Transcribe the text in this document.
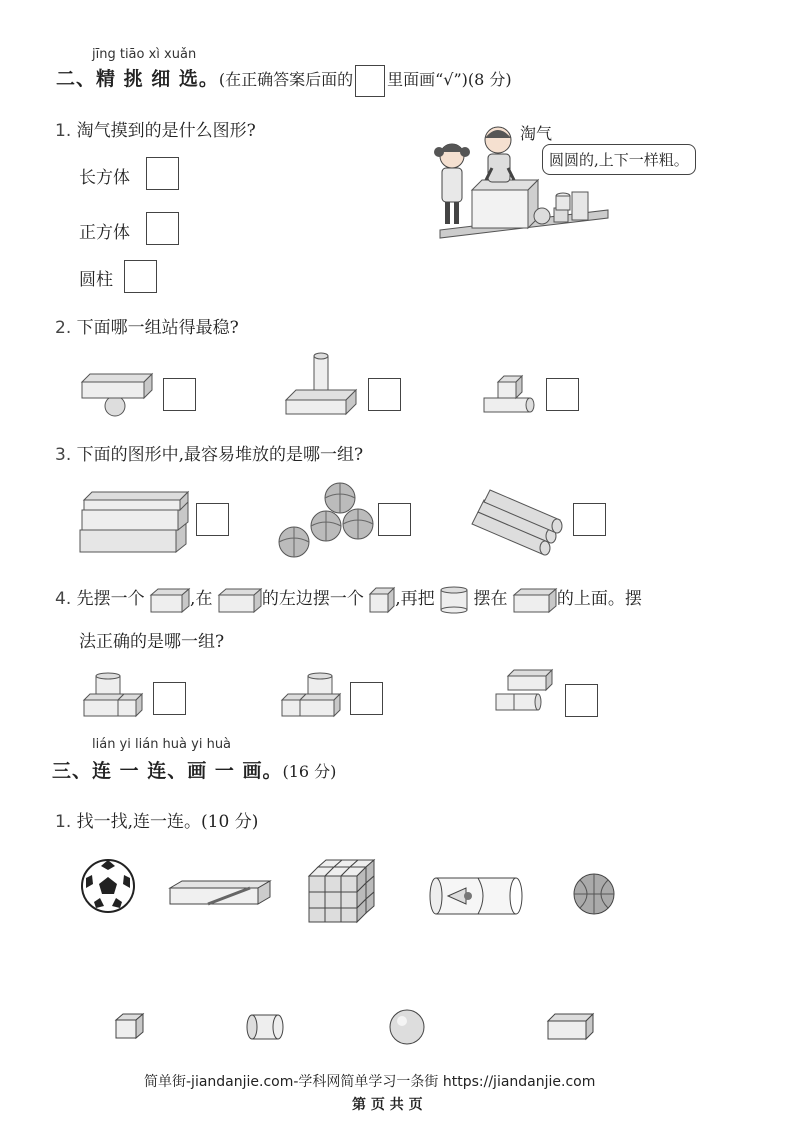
jīng tiāo xì xuǎn
二、精 挑 细 选。(在正确答案后面的 里面画“√”)(8 分)
1. 淘气摸到的是什么图形?
长方体
正方体
圆柱
淘气
圆圆的,上下一样粗。
2. 下面哪一组站得最稳?
3. 下面的图形中,最容易堆放的是哪一组?
4. 先摆一个	,在	的左边摆一个 ,再把 摆在	的上面。摆
法正确的是哪一组?
lián yi lián huà yi huà
三、连 一 连、画 一 画。(16 分)
1. 找一找,连一连。(10 分)
简单街-jiandanjie.com-学科网简单学习一条街 https://jiandanjie.com
第 页 共 页
